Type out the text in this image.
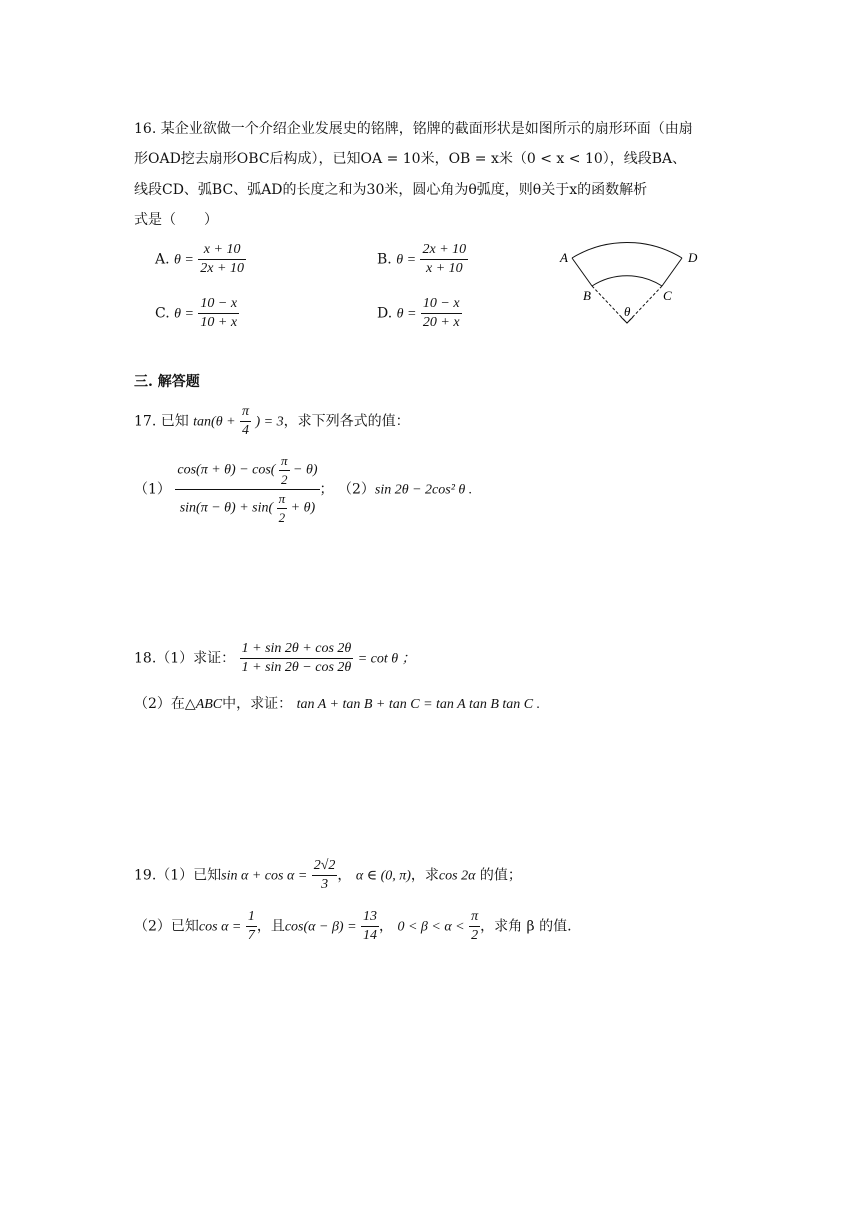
16. 某企业欲做一个介绍企业发展史的铭牌，铭牌的截面形状是如图所示的扇形环面（由扇
形OAD挖去扇形OBC后构成），已知OA = 10米，OB = x米（0 < x < 10），线段BA、
线段CD、弧BC、弧AD的长度之和为30米，圆心角为θ弧度，则θ关于x的函数解析
式是（　　）
A. $\theta = \frac{x + 10}{2x + 10}$	B. $\theta = \frac{2x + 10}{x + 10}$
C. $\theta = \frac{10 - x}{10 + x}$	D. $\theta = \frac{10 - x}{20 + x}$
A	D
B	C
θ
三. 解答题
17. 已知 $\tan(\theta + \frac{\pi}{4}$ ) = 3，求下列各式的值：
（1）
$\cos(\pi + \theta) - \cos( \frac{\pi}{2} - \theta)$
$\sin(\pi - \theta) + \sin( \frac{\pi}{2} + \theta)$
； （2）sin 2θ − 2cos² θ .
18.（1）求证： $\frac{1 + \sin 2\theta + \cos 2\theta}{1 + \sin 2\theta - \cos 2\theta} = \cot \theta$ ；
（2）在△ABC中，求证： tan A + tan B + tan C = tan A tan B tan C .
19.（1）已知$\sin \alpha + \cos \alpha = \frac{2√2}{3}$ ， α ∈ (0, π)，求cos 2α 的值；
（2）已知$\cos \alpha = \frac{1}{7}$ ，且$\cos(\alpha - \beta) = \frac{13}{14}$ ， $0 < \beta < \alpha < \frac{\pi}{2}$ ，求角 β 的值.
